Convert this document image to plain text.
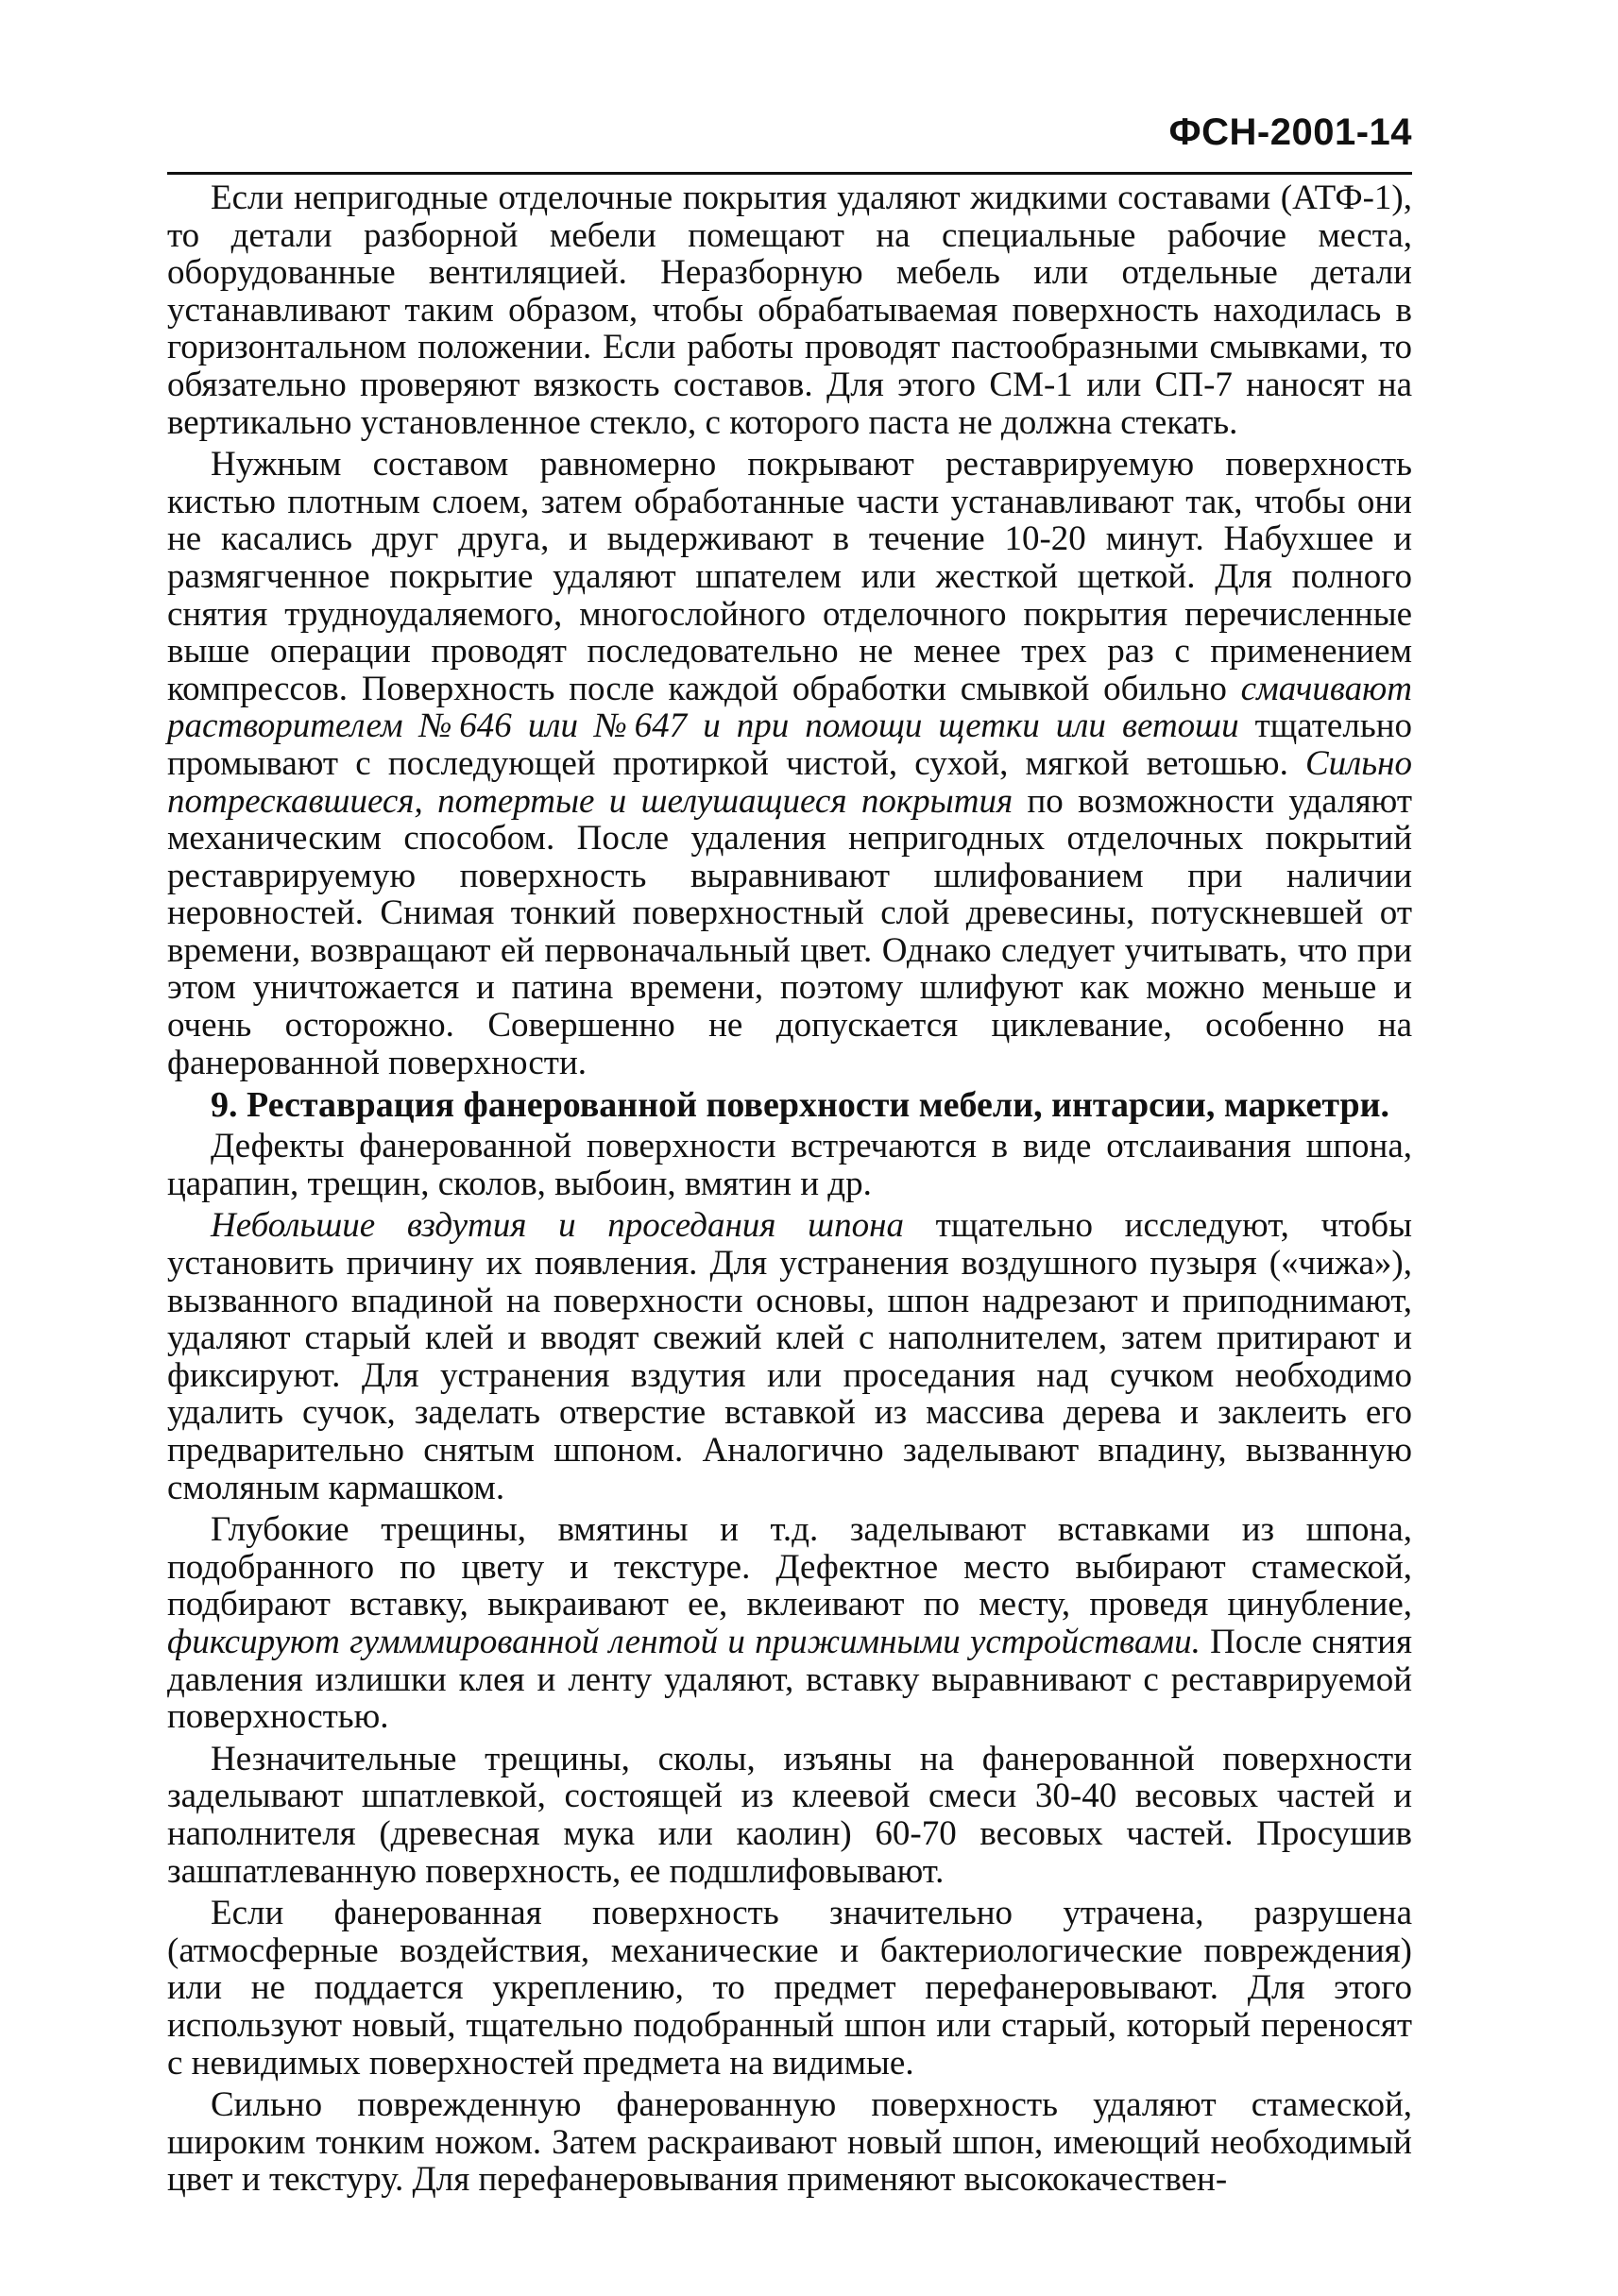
ФСН-2001-14

Если непригодные отделочные покрытия удаляют жидкими составами (АТФ-1), то детали разборной мебели помещают на специальные рабочие места, оборудованные вентиляцией. Неразборную мебель или отдельные детали устанавливают таким образом, чтобы обрабатываемая поверхность находилась в горизонтальном положении. Если работы проводят пастообразными смывками, то обязательно проверяют вязкость составов. Для этого СМ-1 или СП-7 наносят на вертикально установленное стекло, с которого паста не должна стекать.

Нужным составом равномерно покрывают реставрируемую поверхность кистью плотным слоем, затем обработанные части устанавливают так, чтобы они не касались друг друга, и выдерживают в течение 10-20 минут. Набухшее и размягченное покрытие удаляют шпателем или жесткой щеткой. Для полного снятия трудноудаляемого, многослойного отделочного покрытия перечисленные выше операции проводят последовательно не менее трех раз с применением компрессов. Поверхность после каждой обработки смывкой обильно смачивают растворителем №646 или №647 и при помощи щетки или ветоши тщательно промывают с последующей протиркой чистой, сухой, мягкой ветошью. Сильно потрескавшиеся, потертые и шелушащиеся покрытия по возможности удаляют механическим способом. После удаления непригодных отделочных покрытий реставрируемую поверхность выравнивают шлифованием при наличии неровностей. Снимая тонкий поверхностный слой древесины, потускневшей от времени, возвращают ей первоначальный цвет. Однако следует учитывать, что при этом уничтожается и патина времени, поэтому шлифуют как можно меньше и очень осторожно. Совершенно не допускается циклевание, особенно на фанерованной поверхности.

9. Реставрация фанерованной поверхности мебели, интарсии, маркетри.

Дефекты фанерованной поверхности встречаются в виде отслаивания шпона, царапин, трещин, сколов, выбоин, вмятин и др.

Небольшие вздутия и проседания шпона тщательно исследуют, чтобы установить причину их появления. Для устранения воздушного пузыря («чижа»), вызванного впадиной на поверхности основы, шпон надрезают и приподнимают, удаляют старый клей и вводят свежий клей с наполнителем, затем притирают и фиксируют. Для устранения вздутия или проседания над сучком необходимо удалить сучок, заделать отверстие вставкой из массива дерева и заклеить его предварительно снятым шпоном. Аналогично заделывают впадину, вызванную смоляным кармашком.

Глубокие трещины, вмятины и т.д. заделывают вставками из шпона, подобранного по цвету и текстуре. Дефектное место выбирают стамеской, подбирают вставку, выкраивают ее, вклеивают по месту, проведя цинубление, фиксируют гумммированной лентой и прижимными устройствами. После снятия давления излишки клея и ленту удаляют, вставку выравнивают с реставрируемой поверхностью.

Незначительные трещины, сколы, изъяны на фанерованной поверхности заделывают шпатлевкой, состоящей из клеевой смеси 30-40 весовых частей и наполнителя (древесная мука или каолин) 60-70 весовых частей. Просушив зашпатлеванную поверхность, ее подшлифовывают.

Если фанерованная поверхность значительно утрачена, разрушена (атмосферные воздействия, механические и бактериологические повреждения) или не поддается укреплению, то предмет перефанеровывают. Для этого используют новый, тщательно подобранный шпон или старый, который переносят с невидимых поверхностей предмета на видимые.

Сильно поврежденную фанерованную поверхность удаляют стамеской, широким тонким ножом. Затем раскраивают новый шпон, имеющий необходимый цвет и текстуру. Для перефанеровывания применяют высококачествен-
